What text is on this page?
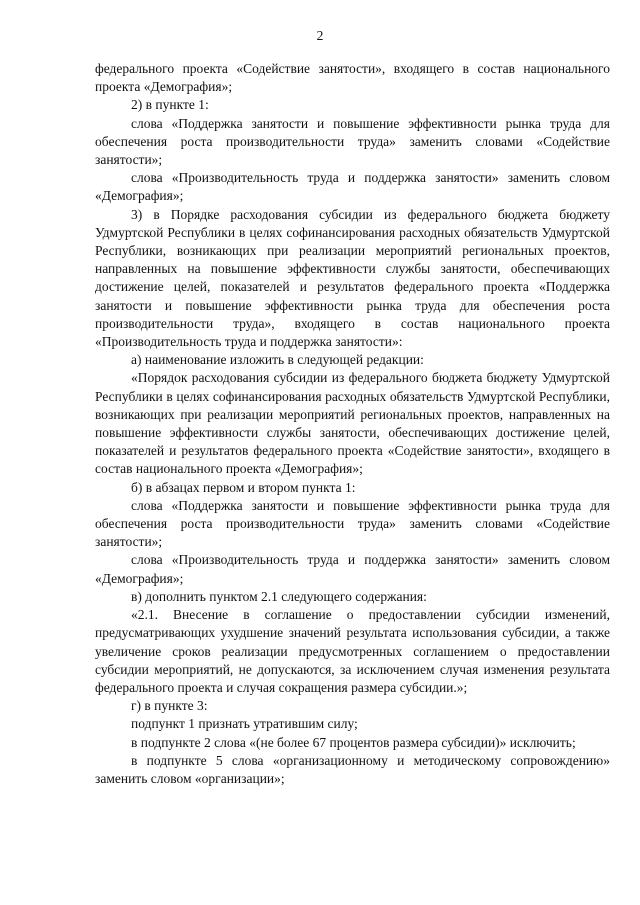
2

федерального проекта «Содействие занятости», входящего в состав национального проекта «Демография»;

2) в пункте 1:

слова «Поддержка занятости и повышение эффективности рынка труда для обеспечения роста производительности труда» заменить словами «Содействие занятости»;

слова «Производительность труда и поддержка занятости» заменить словом «Демография»;

3) в Порядке расходования субсидии из федерального бюджета бюджету Удмуртской Республики в целях софинансирования расходных обязательств Удмуртской Республики, возникающих при реализации мероприятий региональных проектов, направленных на повышение эффективности службы занятости, обеспечивающих достижение целей, показателей и результатов федерального проекта «Поддержка занятости и повышение эффективности рынка труда для обеспечения роста производительности труда», входящего в состав национального проекта «Производительность труда и поддержка занятости»:

а) наименование изложить в следующей редакции:

«Порядок расходования субсидии из федерального бюджета бюджету Удмуртской Республики в целях софинансирования расходных обязательств Удмуртской Республики, возникающих при реализации мероприятий региональных проектов, направленных на повышение эффективности службы занятости, обеспечивающих достижение целей, показателей и результатов федерального проекта «Содействие занятости», входящего в состав национального проекта «Демография»;

б) в абзацах первом и втором пункта 1:

слова «Поддержка занятости и повышение эффективности рынка труда для обеспечения роста производительности труда» заменить словами «Содействие занятости»;

слова «Производительность труда и поддержка занятости» заменить словом «Демография»;

в) дополнить пунктом 2.1 следующего содержания:

«2.1. Внесение в соглашение о предоставлении субсидии изменений, предусматривающих ухудшение значений результата использования субсидии, а также увеличение сроков реализации предусмотренных соглашением о предоставлении субсидии мероприятий, не допускаются, за исключением случая изменения результата федерального проекта и случая сокращения размера субсидии.»;

г) в пункте 3:

подпункт 1 признать утратившим силу;

в подпункте 2 слова «(не более 67 процентов размера субсидии)» исключить;

в подпункте 5 слова «организационному и методическому сопровождению» заменить словом «организации»;
